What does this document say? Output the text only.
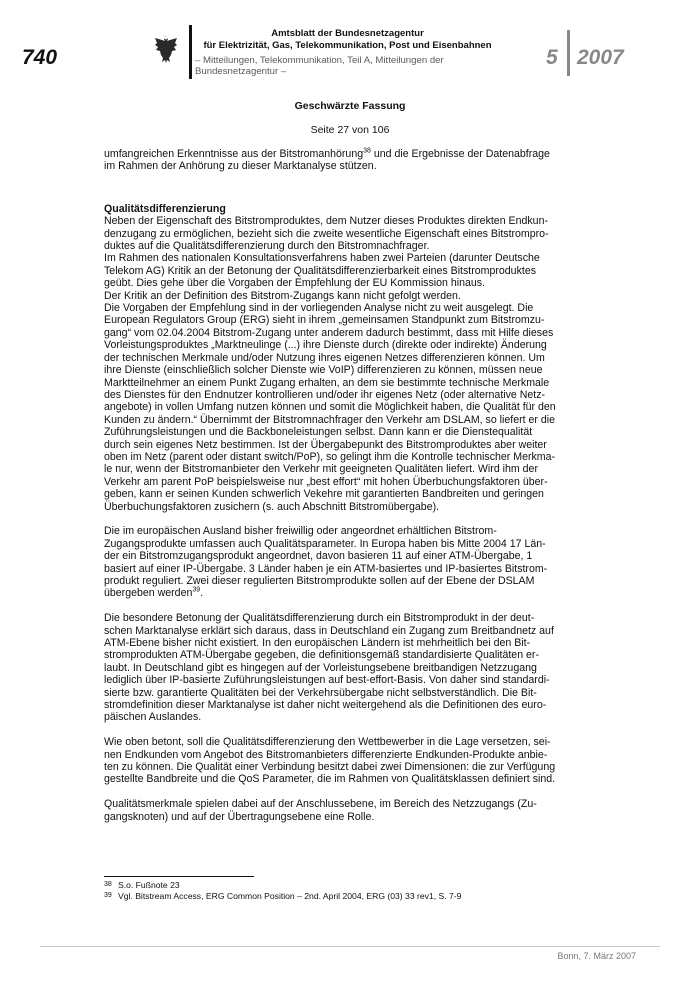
740
Amtsblatt der Bundesnetzagentur
für Elektrizität, Gas, Telekommunikation, Post und Eisenbahnen
– Mitteilungen, Telekommunikation, Teil A, Mitteilungen der Bundesnetzagentur –
5 2007
Geschwärzte Fassung
Seite 27 von 106

umfangreichen Erkenntnisse aus der Bitstromanhörung$^{38}$ und die Ergebnisse der Datenabfrage
im Rahmen der Anhörung zu dieser Marktanalyse stützen.

Qualitätsdifferenzierung

Neben der Eigenschaft des Bitstromproduktes, dem Nutzer dieses Produktes direkten Endkun-
denzugang zu ermöglichen, bezieht sich die zweite wesentliche Eigenschaft eines Bitstrompro-
duktes auf die Qualitätsdifferenzierung durch den Bitstromnachfrager.
Im Rahmen des nationalen Konsultationsverfahrens haben zwei Parteien (darunter Deutsche
Telekom AG) Kritik an der Betonung der Qualitätsdifferenzierbarkeit eines Bitstromproduktes
geübt. Dies gehe über die Vorgaben der Empfehlung der EU Kommission hinaus.
Der Kritik an der Definition des Bitstrom-Zugangs kann nicht gefolgt werden.
Die Vorgaben der Empfehlung sind in der vorliegenden Analyse nicht zu weit ausgelegt. Die
European Regulators Group (ERG) sieht in ihrem „gemeinsamen Standpunkt zum Bitstromzu-
gang“ vom 02.04.2004 Bitstrom-Zugang unter anderem dadurch bestimmt, dass mit Hilfe dieses
Vorleistungsproduktes „Marktneulinge (...) ihre Dienste durch (direkte oder indirekte) Änderung
der technischen Merkmale und/oder Nutzung ihres eigenen Netzes differenzieren können. Um
ihre Dienste (einschließlich solcher Dienste wie VoIP) differenzieren zu können, müssen neue
Marktteilnehmer an einem Punkt Zugang erhalten, an dem sie bestimmte technische Merkmale
des Dienstes für den Endnutzer kontrollieren und/oder ihr eigenes Netz (oder alternative Netz-
angebote) in vollen Umfang nutzen können und somit die Möglichkeit haben, die Qualität für den
Kunden zu ändern.“ Übernimmt der Bitstromnachfrager den Verkehr am DSLAM, so liefert er die
Zuführungsleistungen und die Backboneleistungen selbst. Dann kann er die Dienstequalität
durch sein eigenes Netz bestimmen. Ist der Übergabepunkt des Bitstromproduktes aber weiter
oben im Netz (parent oder distant switch/PoP), so gelingt ihm die Kontrolle technischer Merkma-
le nur, wenn der Bitstromanbieter den Verkehr mit geeigneten Qualitäten liefert. Wird ihm der
Verkehr am parent PoP beispielsweise nur „best effort“ mit hohen Überbuchungsfaktoren über-
geben, kann er seinen Kunden schwerlich Vekehre mit garantierten Bandbreiten und geringen
Überbuchungsfaktoren zusichern (s. auch Abschnitt Bitstromübergabe).

Die im europäischen Ausland bisher freiwillig oder angeordnet erhältlichen Bitstrom-
Zugangsprodukte umfassen auch Qualitätsparameter. In Europa haben bis Mitte 2004 17 Län-
der ein Bitstromzugangsprodukt angeordnet, davon basieren 11 auf einer ATM-Übergabe, 1
basiert auf einer IP-Übergabe. 3 Länder haben je ein ATM-basiertes und IP-basiertes Bitstrom-
produkt reguliert. Zwei dieser regulierten Bitstromprodukte sollen auf der Ebene der DSLAM
übergeben werden$^{39}$.

Die besondere Betonung der Qualitätsdifferenzierung durch ein Bitstromprodukt in der deut-
schen Marktanalyse erklärt sich daraus, dass in Deutschland ein Zugang zum Breitbandnetz auf
ATM-Ebene bisher nicht existiert. In den europäischen Ländern ist mehrheitlich bei den Bit-
stromprodukten ATM-Übergabe gegeben, die definitionsgemäß standardisierte Qualitäten er-
laubt. In Deutschland gibt es hingegen auf der Vorleistungsebene breitbandigen Netzzugang
lediglich über IP-basierte Zuführungsleistungen auf best-effort-Basis. Von daher sind standardi-
sierte bzw. garantierte Qualitäten bei der Verkehrsübergabe nicht selbstverständlich. Die Bit-
stromdefinition dieser Marktanalyse ist daher nicht weitergehend als die Definitionen des euro-
päischen Auslandes.

Wie oben betont, soll die Qualitätsdifferenzierung den Wettbewerber in die Lage versetzen, sei-
nen Endkunden vom Angebot des Bitstromanbieters differenzierte Endkunden-Produkte anbie-
ten zu können. Die Qualität einer Verbindung besitzt dabei zwei Dimensionen: die zur Verfügung
gestellte Bandbreite und die QoS Parameter, die im Rahmen von Qualitätsklassen definiert sind.

Qualitätsmerkmale spielen dabei auf der Anschlussebene, im Bereich des Netzzugangs (Zu-
gangsknoten) und auf der Übertragungsebene eine Rolle.

38 S.o. Fußnote 23
39 Vgl. Bitstream Access, ERG Common Position – 2nd. April 2004, ERG (03) 33 rev1, S. 7-9
Bonn, 7. März 2007
